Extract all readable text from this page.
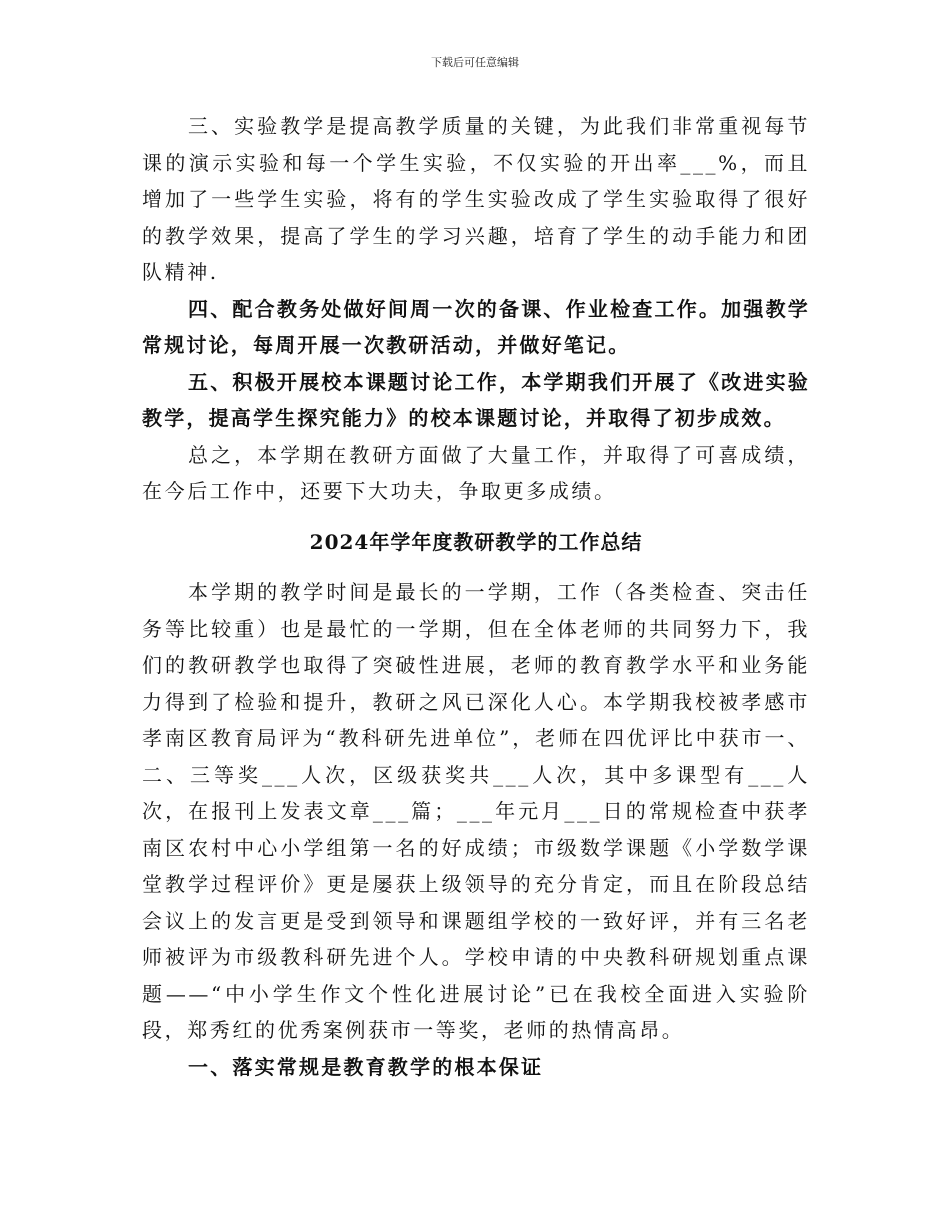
下载后可任意编辑

三、实验教学是提高教学质量的关键，为此我们非常重视每节课的演示实验和每一个学生实验，不仅实验的开出率___%，而且增加了一些学生实验，将有的学生实验改成了学生实验取得了很好的教学效果，提高了学生的学习兴趣，培育了学生的动手能力和团队精神.

四、配合教务处做好间周一次的备课、作业检查工作。加强教学常规讨论，每周开展一次教研活动，并做好笔记。

五、积极开展校本课题讨论工作，本学期我们开展了《改进实验教学，提高学生探究能力》的校本课题讨论，并取得了初步成效。

总之，本学期在教研方面做了大量工作，并取得了可喜成绩，在今后工作中，还要下大功夫，争取更多成绩。

2024年学年度教研教学的工作总结

本学期的教学时间是最长的一学期，工作（各类检查、突击任务等比较重）也是最忙的一学期，但在全体老师的共同努力下，我们的教研教学也取得了突破性进展，老师的教育教学水平和业务能力得到了检验和提升，教研之风已深化人心。本学期我校被孝感市孝南区教育局评为“教科研先进单位”，老师在四优评比中获市一、二、三等奖___人次，区级获奖共___人次，其中多课型有___人次，在报刊上发表文章___篇；___年元月___日的常规检查中获孝南区农村中心小学组第一名的好成绩；市级数学课题《小学数学课堂教学过程评价》更是屡获上级领导的充分肯定，而且在阶段总结会议上的发言更是受到领导和课题组学校的一致好评，并有三名老师被评为市级教科研先进个人。学校申请的中央教科研规划重点课题——“中小学生作文个性化进展讨论”已在我校全面进入实验阶段，郑秀红的优秀案例获市一等奖，老师的热情高昂。

一、落实常规是教育教学的根本保证
